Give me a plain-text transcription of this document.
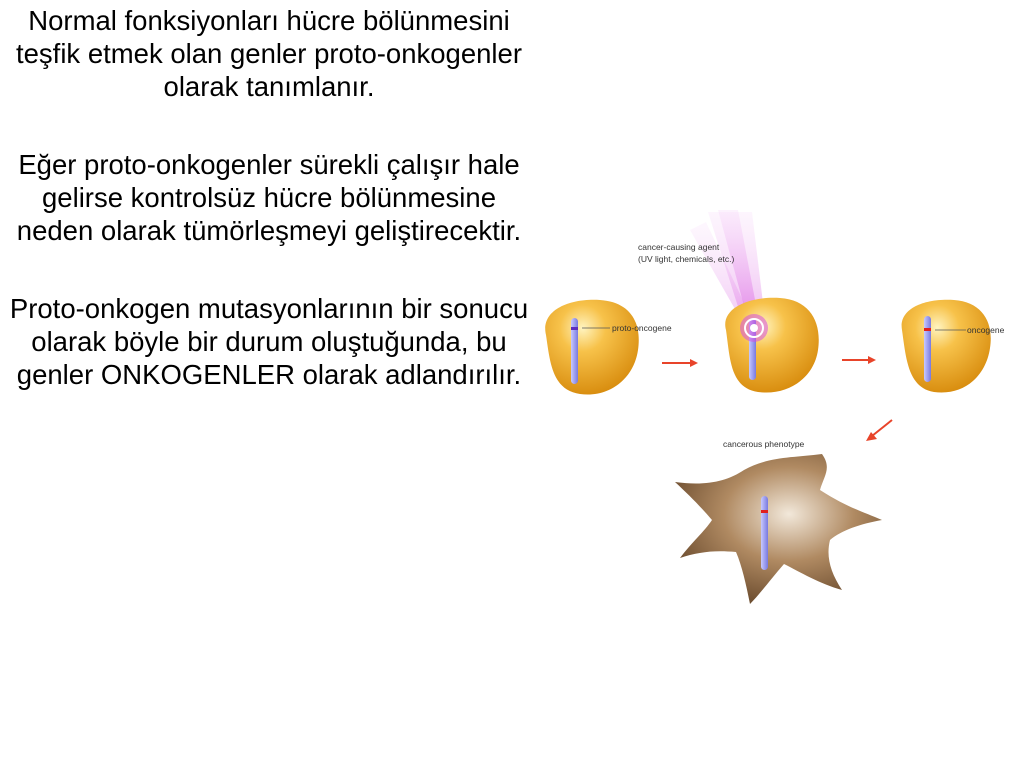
Normal fonksiyonları hücre bölünmesini teşfik etmek olan genler proto-onkogenler olarak tanımlanır.

Eğer proto-onkogenler sürekli çalışır hale gelirse kontrolsüz hücre bölünmesine neden olarak tümörleşmeyi geliştirecektir.

Proto-onkogen mutasyonlarının bir sonucu olarak böyle bir durum oluştuğunda, bu genler ONKOGENLER olarak adlandırılır.

cancer-causing agent
(UV light, chemicals, etc.)
proto-oncogene	oncogene
cancerous phenotype
